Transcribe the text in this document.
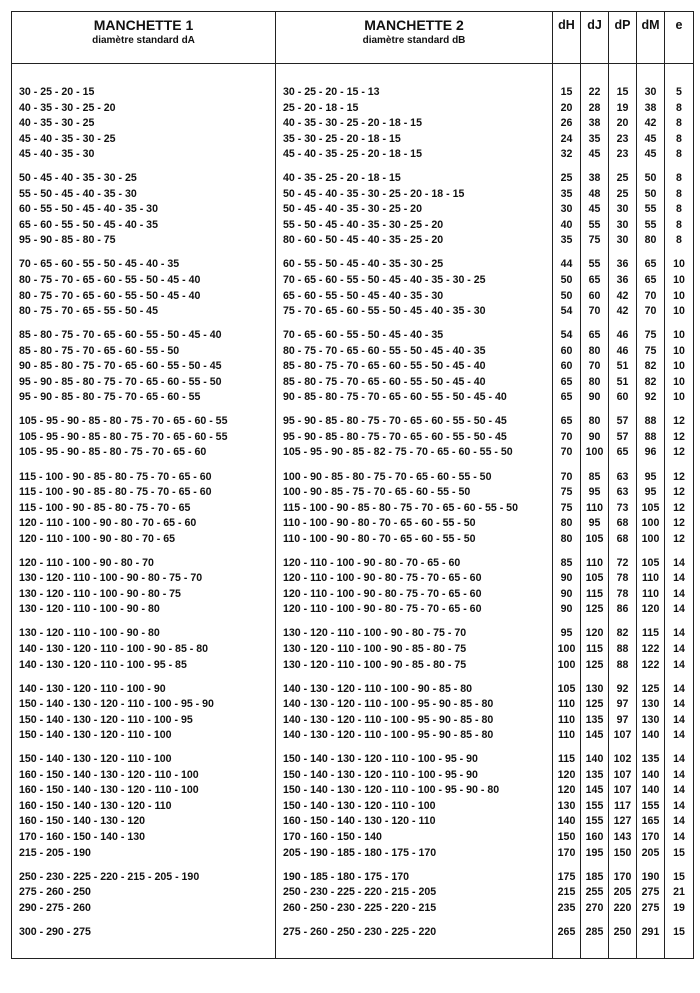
MANCHETTE 1
diamètre standard dA	MANCHETTE 2
diamètre standard dB	dH	dJ	dP	dM	e

30 - 25 - 20 - 15	30 - 25 - 20 - 15 - 13	15	22	15	30	5
40 - 35 - 30 - 25 - 20	25 - 20 - 18 - 15	20	28	19	38	8
40 - 35 - 30 - 25	40 - 35 - 30 - 25 - 20 - 18 - 15	26	38	20	42	8
45 - 40 - 35 - 30 - 25	35 - 30 - 25 - 20 - 18 - 15	24	35	23	45	8
45 - 40 - 35 - 30	45 - 40 - 35 - 25 - 20 - 18 - 15	32	45	23	45	8

50 - 45 - 40 - 35 - 30 - 25	40 - 35 - 25 - 20 - 18 - 15	25	38	25	50	8
55 - 50 - 45 - 40 - 35 - 30	50 - 45 - 40 - 35 - 30 - 25 - 20 - 18 - 15	35	48	25	50	8
60 - 55 - 50 - 45 - 40 - 35 - 30	50 - 45 - 40 - 35 - 30 - 25 - 20	30	45	30	55	8
65 - 60 - 55 - 50 - 45 - 40 - 35	55 - 50 - 45 - 40 - 35 - 30 - 25 - 20	40	55	30	55	8
95 - 90 - 85 - 80 - 75	80 - 60 - 50 - 45 - 40 - 35 - 25 - 20	35	75	30	80	8

70 - 65 - 60 - 55 - 50 - 45 - 40 - 35	60 - 55 - 50 - 45 - 40 - 35 - 30 - 25	44	55	36	65	10
80 - 75 - 70 - 65 - 60 - 55 - 50 - 45 - 40	70 - 65 - 60 - 55 - 50 - 45 - 40 - 35 - 30 - 25	50	65	36	65	10
80 - 75 - 70 - 65 - 60 - 55 - 50 - 45 - 40	65 - 60 - 55 - 50 - 45 - 40 - 35 - 30	50	60	42	70	10
80 - 75 - 70 - 65 - 55 - 50 - 45	75 - 70 - 65 - 60 - 55 - 50 - 45 - 40 - 35 - 30	54	70	42	70	10

85 - 80 - 75 - 70 - 65 - 60 - 55 - 50 - 45 - 40	70 - 65 - 60 - 55 - 50 - 45 - 40 - 35	54	65	46	75	10
85 - 80 - 75 - 70 - 65 - 60 - 55 - 50	80 - 75 - 70 - 65 - 60 - 55 - 50 - 45 - 40 - 35	60	80	46	75	10
90 - 85 - 80 - 75 - 70 - 65 - 60 - 55 - 50 - 45	85 - 80 - 75 - 70 - 65 - 60 - 55 - 50 - 45 - 40	60	70	51	82	10
95 - 90 - 85 - 80 - 75 - 70 - 65 - 60 - 55 - 50	85 - 80 - 75 - 70 - 65 - 60 - 55 - 50 - 45 - 40	65	80	51	82	10
95 - 90 - 85 - 80 - 75 - 70 - 65 - 60 - 55	90 - 85 - 80 - 75 - 70 - 65 - 60 - 55 - 50 - 45 - 40	65	90	60	92	10

105 - 95 - 90 - 85 - 80 - 75 - 70 - 65 - 60 - 55	95 - 90 - 85 - 80 - 75 - 70 - 65 - 60 - 55 - 50 - 45	65	80	57	88	12
105 - 95 - 90 - 85 - 80 - 75 - 70 - 65 - 60 - 55	95 - 90 - 85 - 80 - 75 - 70 - 65 - 60 - 55 - 50 - 45	70	90	57	88	12
105 - 95 - 90 - 85 - 80 - 75 - 70 - 65 - 60	105 - 95 - 90 - 85 - 82 - 75 - 70 - 65 - 60 - 55 - 50	70	100	65	96	12

115 - 100 - 90 - 85 - 80 - 75 - 70 - 65 - 60	100 - 90 - 85 - 80 - 75 - 70 - 65 - 60 - 55 - 50	70	85	63	95	12
115 - 100 - 90 - 85 - 80 - 75 - 70 - 65 - 60	100 - 90 - 85 - 75 - 70 - 65 - 60 - 55 - 50	75	95	63	95	12
115 - 100 - 90 - 85 - 80 - 75 - 70 - 65	115 - 100 - 90 - 85 - 80 - 75 - 70 - 65 - 60 - 55 - 50	75	110	73	105	12
120 - 110 - 100 - 90 - 80 - 70 - 65 - 60	110 - 100 - 90 - 80 - 70 - 65 - 60 - 55 - 50	80	95	68	100	12
120 - 110 - 100 - 90 - 80 - 70 - 65	110 - 100 - 90 - 80 - 70 - 65 - 60 - 55 - 50	80	105	68	100	12

120 - 110 - 100 - 90 - 80 - 70	120 - 110 - 100 - 90 - 80 - 70 - 65 - 60	85	110	72	105	14
130 - 120 - 110 - 100 - 90 - 80 - 75 - 70	120 - 110 - 100 - 90 - 80 - 75 - 70 - 65 - 60	90	105	78	110	14
130 - 120 - 110 - 100 - 90 - 80 - 75	120 - 110 - 100 - 90 - 80 - 75 - 70 - 65 - 60	90	115	78	110	14
130 - 120 - 110 - 100 - 90 - 80	120 - 110 - 100 - 90 - 80 - 75 - 70 - 65 - 60	90	125	86	120	14

130 - 120 - 110 - 100 - 90 - 80	130 - 120 - 110 - 100 - 90 - 80 - 75 - 70	95	120	82	115	14
140 - 130 - 120 - 110 - 100 - 90 - 85 - 80	130 - 120 - 110 - 100 - 90 - 85 - 80 - 75	100	115	88	122	14
140 - 130 - 120 - 110 - 100 - 95 - 85	130 - 120 - 110 - 100 - 90 - 85 - 80 - 75	100	125	88	122	14

140 - 130 - 120 - 110 - 100 - 90	140 - 130 - 120 - 110 - 100 - 90 - 85 - 80	105	130	92	125	14
150 - 140 - 130 - 120 - 110 - 100 - 95 - 90	140 - 130 - 120 - 110 - 100 - 95 - 90 - 85 - 80	110	125	97	130	14
150 - 140 - 130 - 120 - 110 - 100 - 95	140 - 130 - 120 - 110 - 100 - 95 - 90 - 85 - 80	110	135	97	130	14
150 - 140 - 130 - 120 - 110 - 100	140 - 130 - 120 - 110 - 100 - 95 - 90 - 85 - 80	110	145	107	140	14

150 - 140 - 130 - 120 - 110 - 100	150 - 140 - 130 - 120 - 110 - 100 - 95 - 90	115	140	102	135	14
160 - 150 - 140 - 130 - 120 - 110 - 100	150 - 140 - 130 - 120 - 110 - 100 - 95 - 90	120	135	107	140	14
160 - 150 - 140 - 130 - 120 - 110 - 100	150 - 140 - 130 - 120 - 110 - 100 - 95 - 90 - 80	120	145	107	140	14
160 - 150 - 140 - 130 - 120 - 110	150 - 140 - 130 - 120 - 110 - 100	130	155	117	155	14
160 - 150 - 140 - 130 - 120	160 - 150 - 140 - 130 - 120 - 110	140	155	127	165	14
170 - 160 - 150 - 140 - 130	170 - 160 - 150 - 140	150	160	143	170	14
215 - 205 - 190	205 - 190 - 185 - 180 - 175 - 170	170	195	150	205	15

250 - 230 - 225 - 220 - 215 - 205 - 190	190 - 185 - 180 - 175 - 170	175	185	170	190	15
275 - 260 - 250	250 - 230 - 225 - 220 - 215 - 205	215	255	205	275	21
290 - 275 - 260	260 - 250 - 230 - 225 - 220 - 215	235	270	220	275	19

300 - 290 - 275	275 - 260 - 250 - 230 - 225 - 220	265	285	250	291	15
